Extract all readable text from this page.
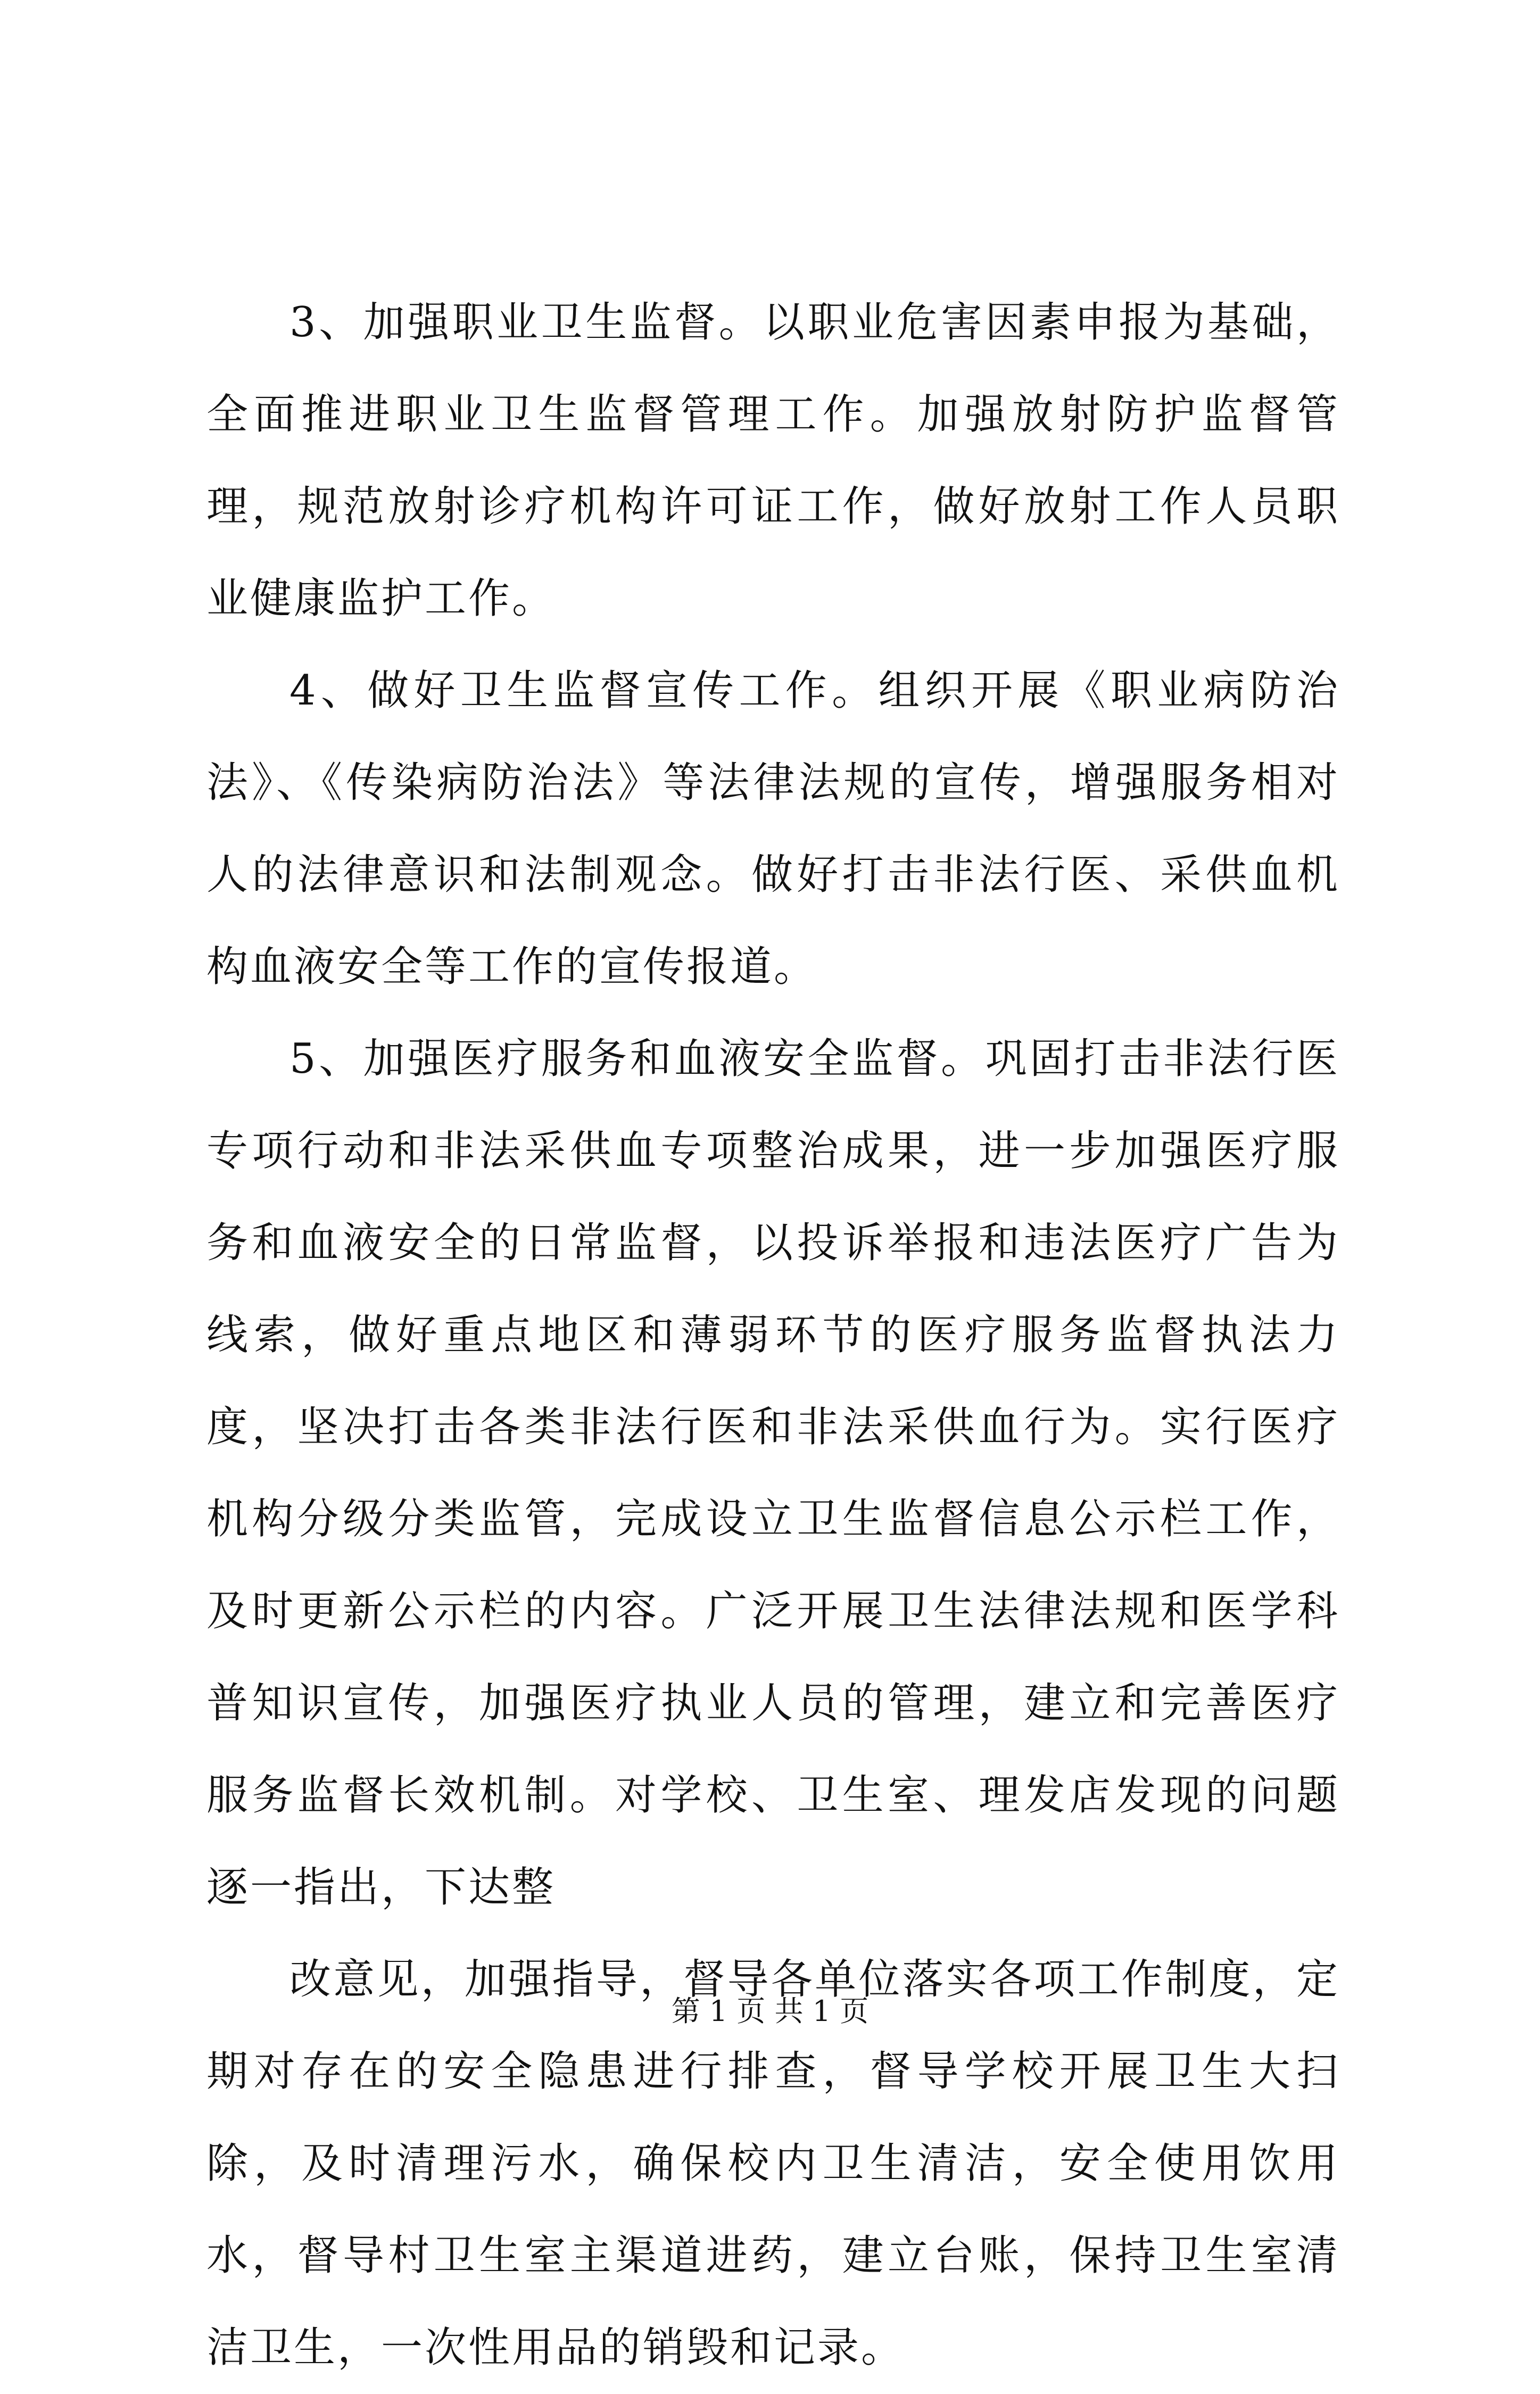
3、加强职业卫生监督。以职业危害因素申报为基础，全面推进职业卫生监督管理工作。加强放射防护监督管理，规范放射诊疗机构许可证工作，做好放射工作人员职业健康监护工作。

4、做好卫生监督宣传工作。组织开展《职业病防治法》、《传染病防治法》等法律法规的宣传，增强服务相对人的法律意识和法制观念。做好打击非法行医、采供血机构血液安全等工作的宣传报道。

5、加强医疗服务和血液安全监督。巩固打击非法行医专项行动和非法采供血专项整治成果，进一步加强医疗服务和血液安全的日常监督，以投诉举报和违法医疗广告为线索，做好重点地区和薄弱环节的医疗服务监督执法力度，坚决打击各类非法行医和非法采供血行为。实行医疗机构分级分类监管，完成设立卫生监督信息公示栏工作，及时更新公示栏的内容。广泛开展卫生法律法规和医学科普知识宣传，加强医疗执业人员的管理，建立和完善医疗服务监督长效机制。对学校、卫生室、理发店发现的问题逐一指出，下达整

改意见，加强指导，督导各单位落实各项工作制度，定期对存在的安全隐患进行排查，督导学校开展卫生大扫除，及时清理污水，确保校内卫生清洁，安全使用饮用水，督导村卫生室主渠道进药，建立台账，保持卫生室清洁卫生，一次性用品的销毁和记录。

第 1 页 共 1 页
